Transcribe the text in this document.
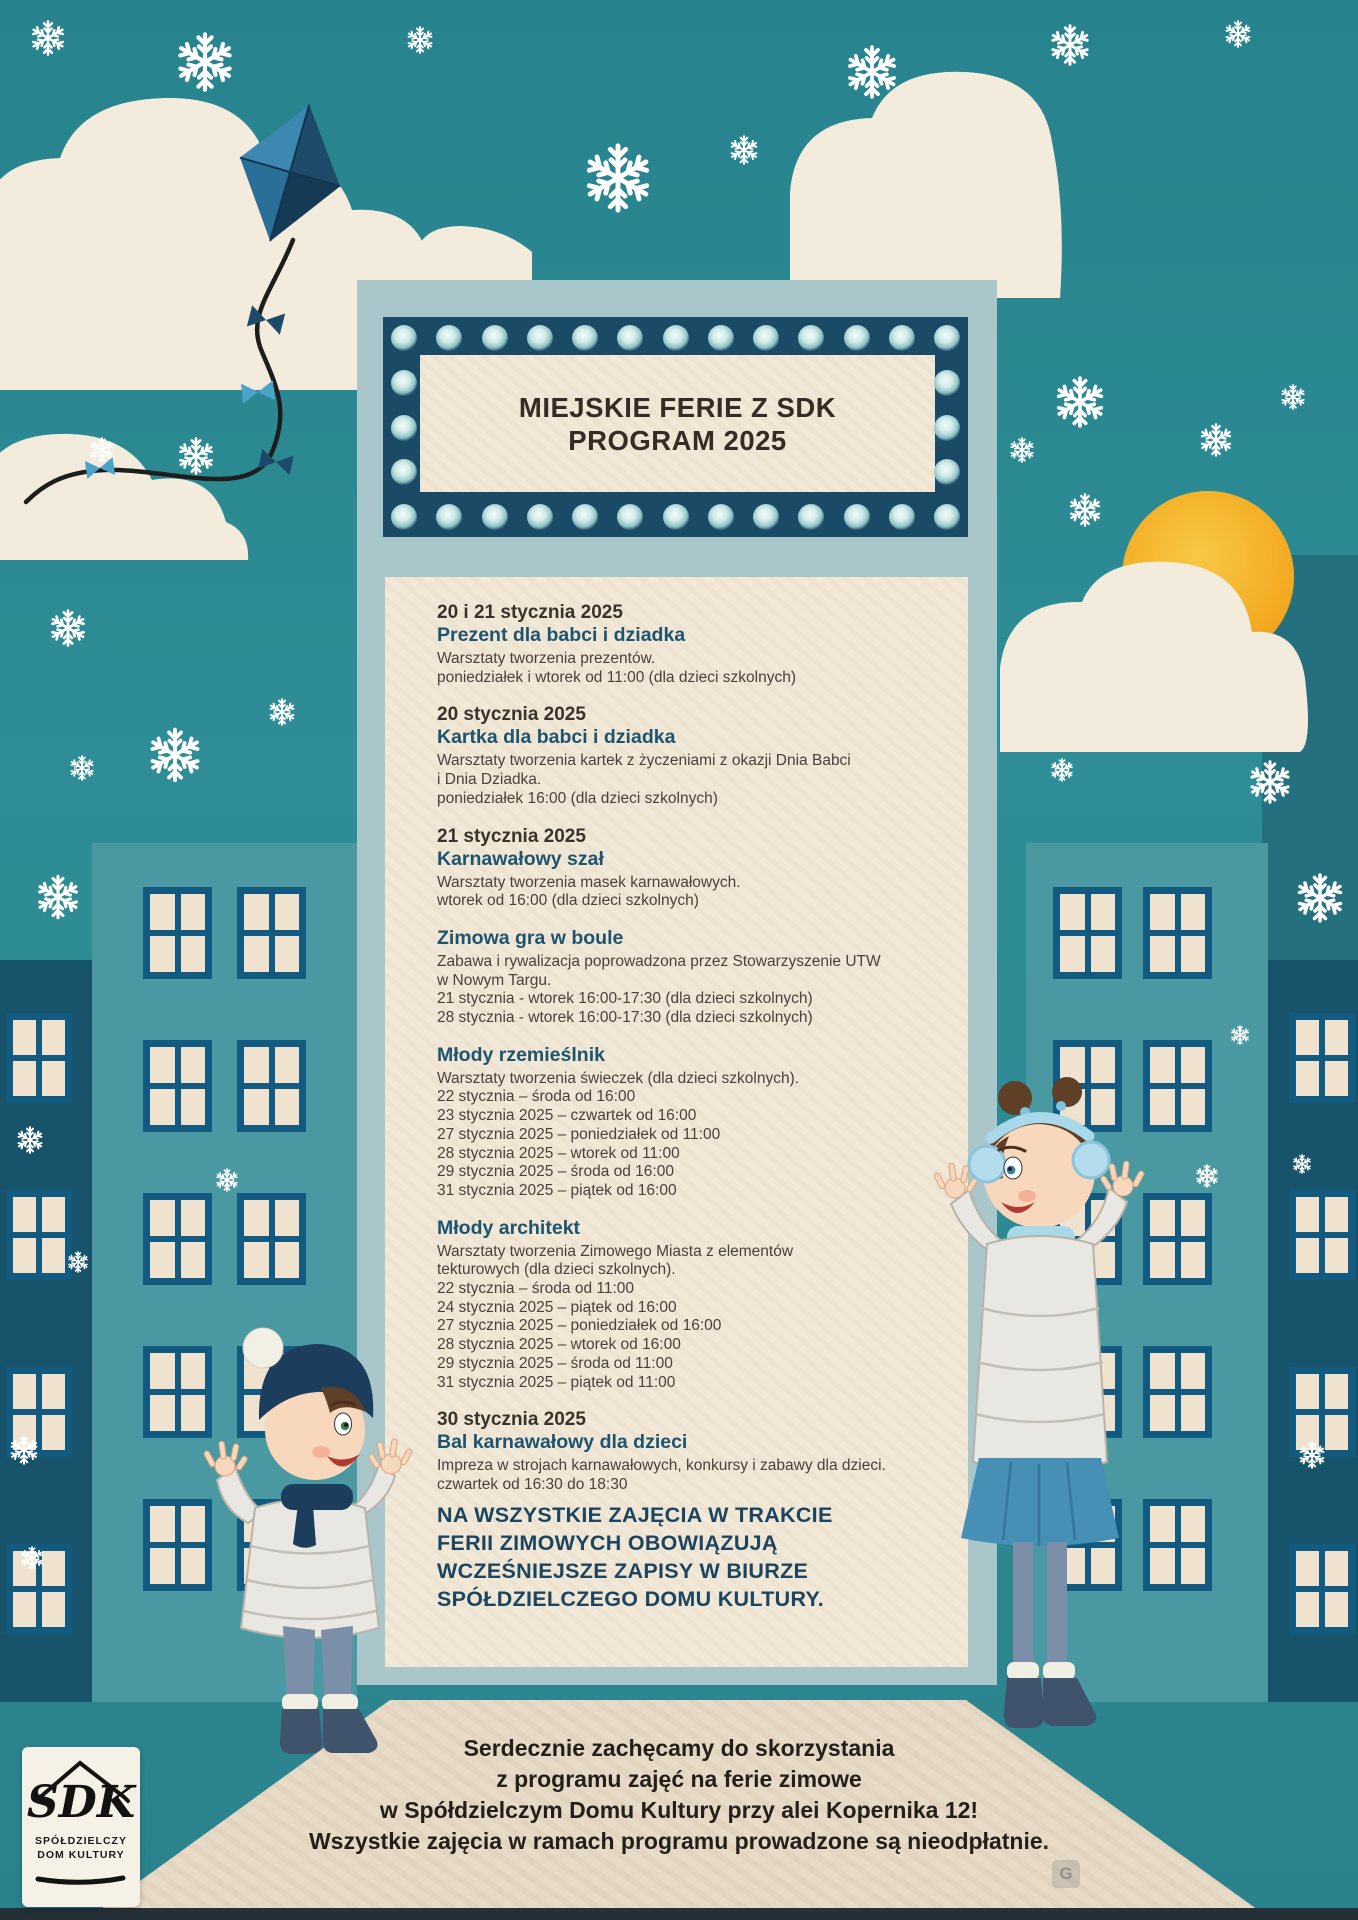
MIEJSKIE FERIE Z SDK
PROGRAM 2025
20 i 21 stycznia 2025
Prezent dla babci i dziadka
Warsztaty tworzenia prezentów.
poniedziałek i wtorek od 11:00 (dla dzieci szkolnych)
20 stycznia 2025
Kartka dla babci i dziadka
Warsztaty tworzenia kartek z życzeniami z okazji Dnia Babci
i Dnia Dziadka.
poniedziałek 16:00 (dla dzieci szkolnych)
21 stycznia 2025
Karnawałowy szał
Warsztaty tworzenia masek karnawałowych.
wtorek od 16:00 (dla dzieci szkolnych)
Zimowa gra w boule
Zabawa i rywalizacja poprowadzona przez Stowarzyszenie UTW
w Nowym Targu.
21 stycznia - wtorek 16:00-17:30 (dla dzieci szkolnych)
28 stycznia - wtorek 16:00-17:30 (dla dzieci szkolnych)
Młody rzemieślnik
Warsztaty tworzenia świeczek (dla dzieci szkolnych).
22 stycznia – środa od 16:00
23 stycznia 2025 – czwartek od 16:00
27 stycznia 2025 – poniedziałek od 11:00
28 stycznia 2025 – wtorek od 11:00
29 stycznia 2025 – środa od 16:00
31 stycznia 2025 – piątek od 16:00
Młody architekt
Warsztaty tworzenia Zimowego Miasta z elementów
tekturowych (dla dzieci szkolnych).
22 stycznia – środa od 11:00
24 stycznia 2025 – piątek od 16:00
27 stycznia 2025 – poniedziałek od 16:00
28 stycznia 2025 – wtorek od 16:00
29 stycznia 2025 – środa od 11:00
31 stycznia 2025 – piątek od 11:00
30 stycznia 2025
Bal karnawałowy dla dzieci
Impreza w strojach karnawałowych, konkursy i zabawy dla dzieci.
czwartek od 16:30 do 18:30
NA WSZYSTKIE ZAJĘCIA W TRAKCIE
FERII ZIMOWYCH OBOWIĄZUJĄ
WCZEŚNIEJSZE ZAPISY W BIURZE
SPÓŁDZIELCZEGO DOMU KULTURY.
Serdecznie zachęcamy do skorzystania
z programu zajęć na ferie zimowe
w Spółdzielczym Domu Kultury przy alei Kopernika 12!
Wszystkie zajęcia w ramach programu prowadzone są nieodpłatnie.
SDK
SPÓŁDZIELCZY
DOM KULTURY
G
